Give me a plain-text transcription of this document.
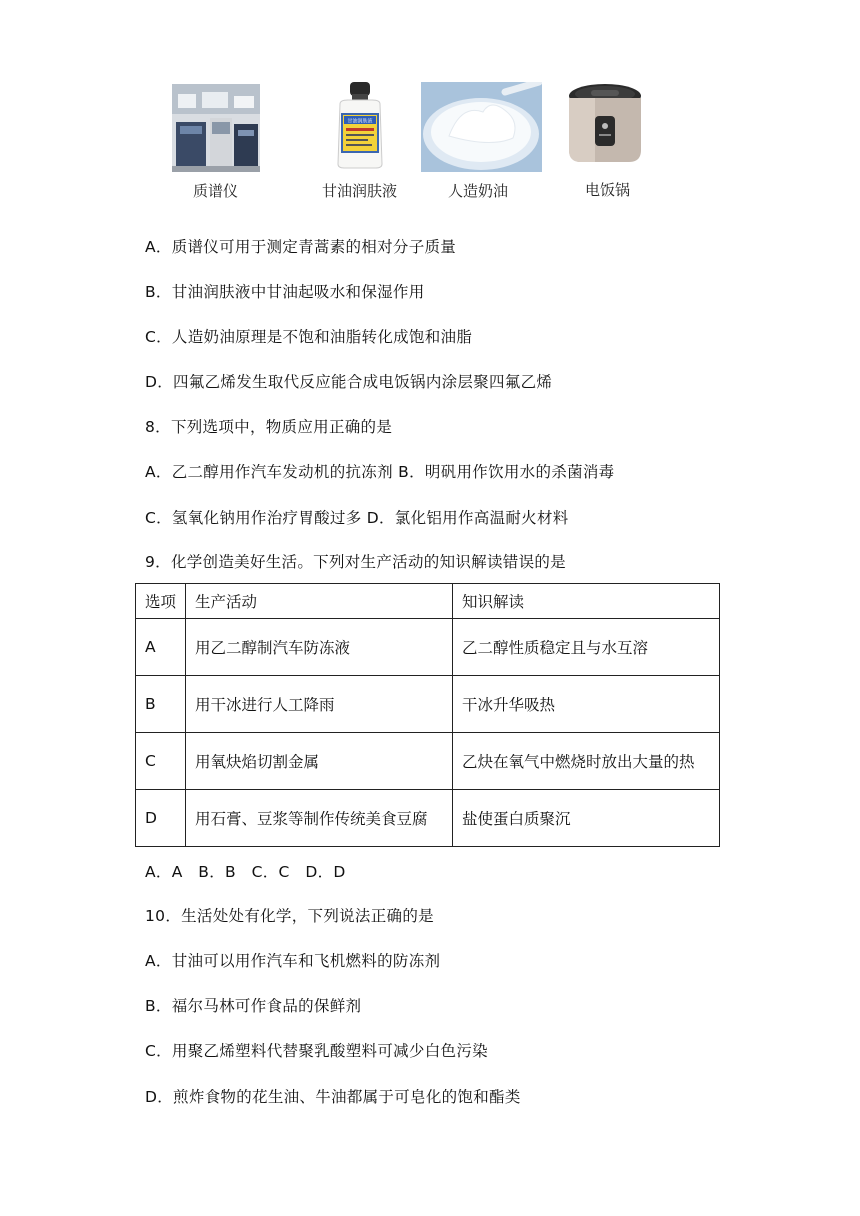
质谱仪
甘油润肤液
甘油润肤液	人造奶油	电饭锅
A．质谱仪可用于测定青蒿素的相对分子质量
B．甘油润肤液中甘油起吸水和保湿作用
C．人造奶油原理是不饱和油脂转化成饱和油脂
D．四氟乙烯发生取代反应能合成电饭锅内涂层聚四氟乙烯
8．下列选项中，物质应用正确的是
A．乙二醇用作汽车发动机的抗冻剂 B．明矾用作饮用水的杀菌消毒
C．氢氧化钠用作治疗胃酸过多 D．氯化铝用作高温耐火材料
9．化学创造美好生活。下列对生产活动的知识解读错误的是
选项	生产活动	知识解读
A	用乙二醇制汽车防冻液	乙二醇性质稳定且与水互溶
B	用干冰进行人工降雨	干冰升华吸热
C	用氧炔焰切割金属	乙炔在氧气中燃烧时放出大量的热
D	用石膏、豆浆等制作传统美食豆腐	盐使蛋白质聚沉
A．A   B．B   C．C   D．D
10．生活处处有化学，下列说法正确的是
A．甘油可以用作汽车和飞机燃料的防冻剂
B．福尔马林可作食品的保鲜剂
C．用聚乙烯塑料代替聚乳酸塑料可减少白色污染
D．煎炸食物的花生油、牛油都属于可皂化的饱和酯类
